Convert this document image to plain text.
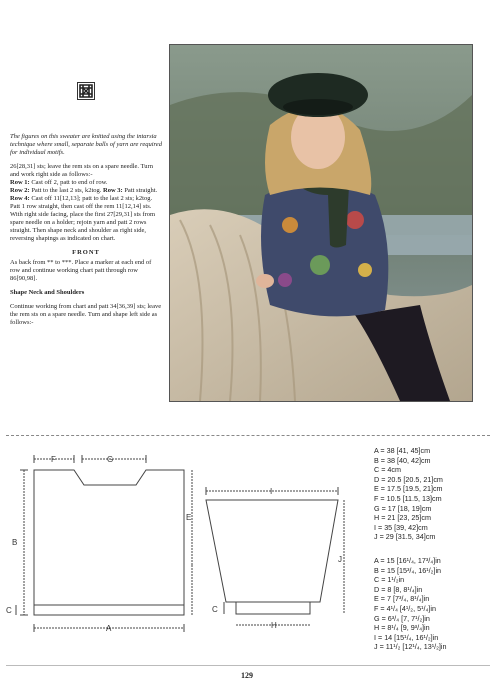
The figures on this sweater are knitted using the intarsia technique where small, separate balls of yarn are required for individual motifs.

26[28,31] sts; leave the rem sts on a spare needle. Turn and work right side as follows:-

Row 1: Cast off 2, patt to end of row.
Row 2: Patt to the last 2 sts, k2tog. Row 3: Patt straight. Row 4: Cast off 11[12,13]; patt to the last 2 sts; k2tog. Patt 1 row straight, then cast off the rem 11[12,14] sts. With right side facing, place the first 27[29,31] sts from spare needle on a holder; rejoin yarn and patt 2 rows straight. Then shape neck and shoulder as right side, reversing shapings as indicated on chart.

FRONT

As back from ** to ***. Place a marker at each end of row and continue working chart patt through row 86[90,98].

Shape Neck and Shoulders

Continue working from chart and patt 34[36,39] sts; leave the rem sts on a spare needle. Turn and shape left side as follows:-

F	G
B
E
C
A
I
J
H
C
A = 38 [41, 45]cm
B = 38 [40, 42]cm
C = 4cm
D = 20.5 [20.5, 21]cm
E = 17.5 [19.5, 21]cm
F = 10.5 [11.5, 13]cm
G = 17 [18, 19]cm
H = 21 [23, 25]cm
I = 35 [39, 42]cm
J = 29 [31.5, 34]cm
A = 15 [16¹/₄, 17³/₄]in
B = 15 [15³/₄, 16¹/₂]in
C = 1¹/₂in
D = 8 [8, 8¹/₄]in
E = 7 [7³/₄, 8¹/₄]in
F = 4¹/₄ [4¹/₂, 5¹/₄]in
G = 6³/₄ [7, 7¹/₂]in
H = 8¹/₄ [9, 9³/₄]in
I = 14 [15¹/₄, 16¹/₂]in
J = 11¹/₂ [12¹/₄, 13¹/₂]in
129
